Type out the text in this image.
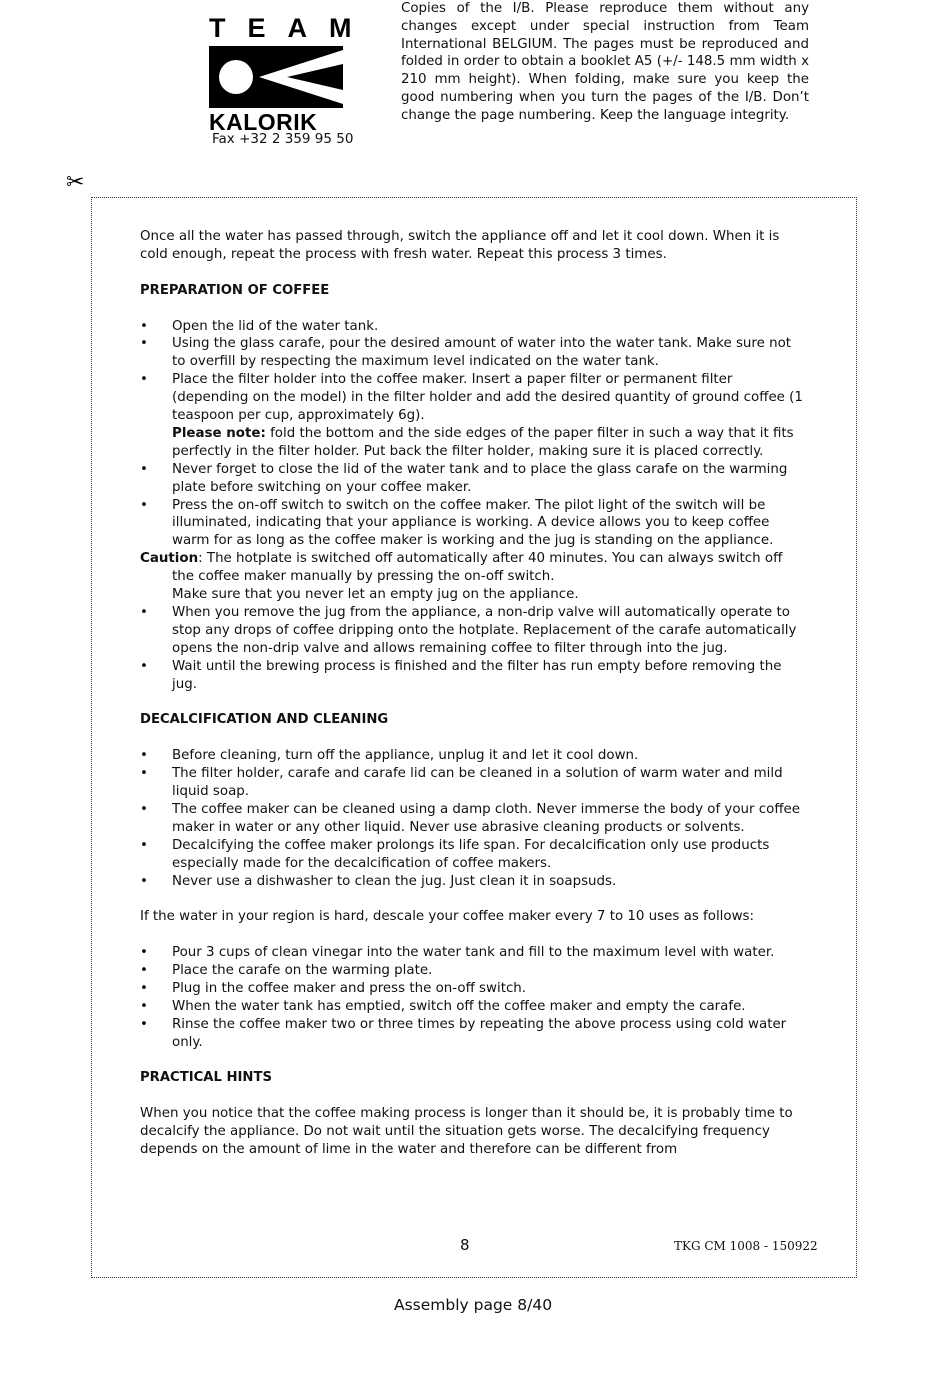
TEAM
KALORIK
Fax +32 2 359 95 50
Copies of the I/B. Please reproduce them without any changes except under special instruction from Team International BELGIUM. The pages must be reproduced and folded in order to obtain a booklet A5 (+/- 148.5 mm width x 210 mm height). When folding, make sure you keep the good numbering when you turn the pages of the I/B. Don’t change the page numbering. Keep the language integrity.
✂

Once all the water has passed through, switch the appliance off and let it cool down. When it is cold enough, repeat the process with fresh water. Repeat this process 3 times.

PREPARATION OF COFFEE

• Open the lid of the water tank.
• Using the glass carafe, pour the desired amount of water into the water tank. Make sure not to overfill by respecting the maximum level indicated on the water tank.
• Place the filter holder into the coffee maker. Insert a paper filter or permanent filter (depending on the model) in the filter holder and add the desired quantity of ground coffee (1 teaspoon per cup, approximately 6g).
Please note: fold the bottom and the side edges of the paper filter in such a way that it fits perfectly in the filter holder. Put back the filter holder, making sure it is placed correctly.
• Never forget to close the lid of the water tank and to place the glass carafe on the warming plate before switching on your coffee maker.
• Press the on-off switch to switch on the coffee maker. The pilot light of the switch will be illuminated, indicating that your appliance is working. A device allows you to keep coffee warm for as long as the coffee maker is working and the jug is standing on the appliance.

Caution: The hotplate is switched off automatically after 40 minutes. You can always switch off the coffee maker manually by pressing the on-off switch.

Make sure that you never let an empty jug on the appliance.

• When you remove the jug from the appliance, a non-drip valve will automatically operate to stop any drops of coffee dripping onto the hotplate. Replacement of the carafe automatically opens the non-drip valve and allows remaining coffee to filter through into the jug.
• Wait until the brewing process is finished and the filter has run empty before removing the jug.

DECALCIFICATION AND CLEANING

• Before cleaning, turn off the appliance, unplug it and let it cool down.
• The filter holder, carafe and carafe lid can be cleaned in a solution of warm water and mild liquid soap.
• The coffee maker can be cleaned using a damp cloth. Never immerse the body of your coffee maker in water or any other liquid. Never use abrasive cleaning products or solvents.
• Decalcifying the coffee maker prolongs its life span. For decalcification only use products especially made for the decalcification of coffee makers.
• Never use a dishwasher to clean the jug. Just clean it in soapsuds.

If the water in your region is hard, descale your coffee maker every 7 to 10 uses as follows:

• Pour 3 cups of clean vinegar into the water tank and fill to the maximum level with water.
• Place the carafe on the warming plate.
• Plug in the coffee maker and press the on-off switch.
• When the water tank has emptied, switch off the coffee maker and empty the carafe.
• Rinse the coffee maker two or three times by repeating the above process using cold water only.

PRACTICAL HINTS

When you notice that the coffee making process is longer than it should be, it is probably time to decalcify the appliance. Do not wait until the situation gets worse. The decalcifying frequency depends on the amount of lime in the water and therefore can be different from

8	TKG CM 1008 - 150922
Assembly page 8/40
